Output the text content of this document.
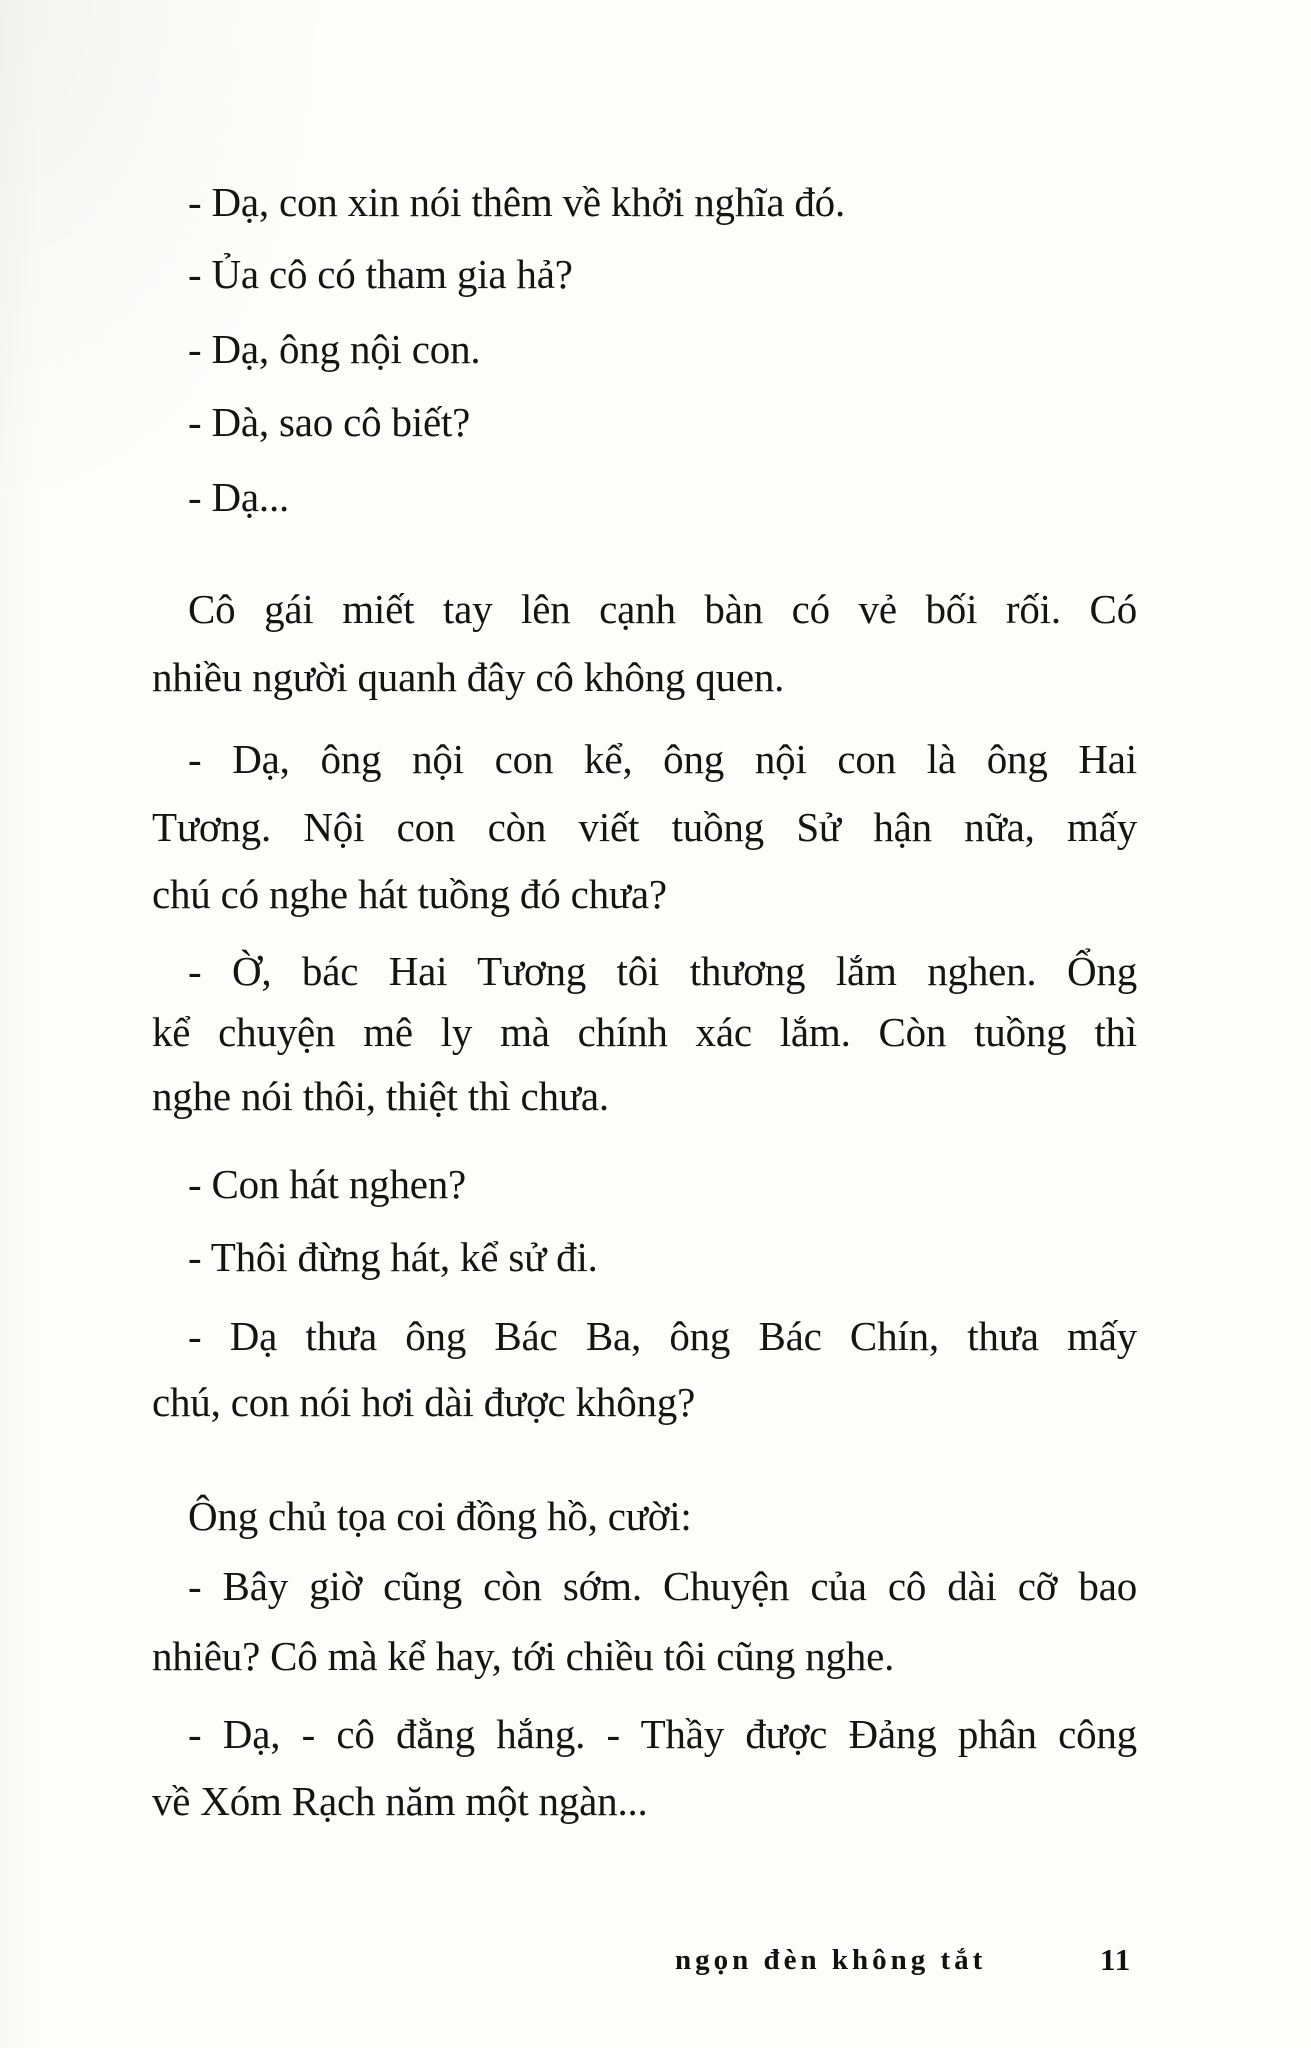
- Dạ, con xin nói thêm về khởi nghĩa đó.
- Ủa cô có tham gia hả?
- Dạ, ông nội con.
- Dà, sao cô biết?
- Dạ...
Cô gái miết tay lên cạnh bàn có vẻ bối rối. Có
nhiều người quanh đây cô không quen.
- Dạ, ông nội con kể, ông nội con là ông Hai
Tương. Nội con còn viết tuồng Sử hận nữa, mấy
chú có nghe hát tuồng đó chưa?
- Ờ, bác Hai Tương tôi thương lắm nghen. Ổng
kể chuyện mê ly mà chính xác lắm. Còn tuồng thì
nghe nói thôi, thiệt thì chưa.
- Con hát nghen?
- Thôi đừng hát, kể sử đi.
- Dạ thưa ông Bác Ba, ông Bác Chín, thưa mấy
chú, con nói hơi dài được không?
Ông chủ tọa coi đồng hồ, cười:
- Bây giờ cũng còn sớm. Chuyện của cô dài cỡ bao
nhiêu? Cô mà kể hay, tới chiều tôi cũng nghe.
- Dạ, - cô đằng hắng. - Thầy được Đảng phân công
về Xóm Rạch năm một ngàn...
ngọn đèn không tắt	11
